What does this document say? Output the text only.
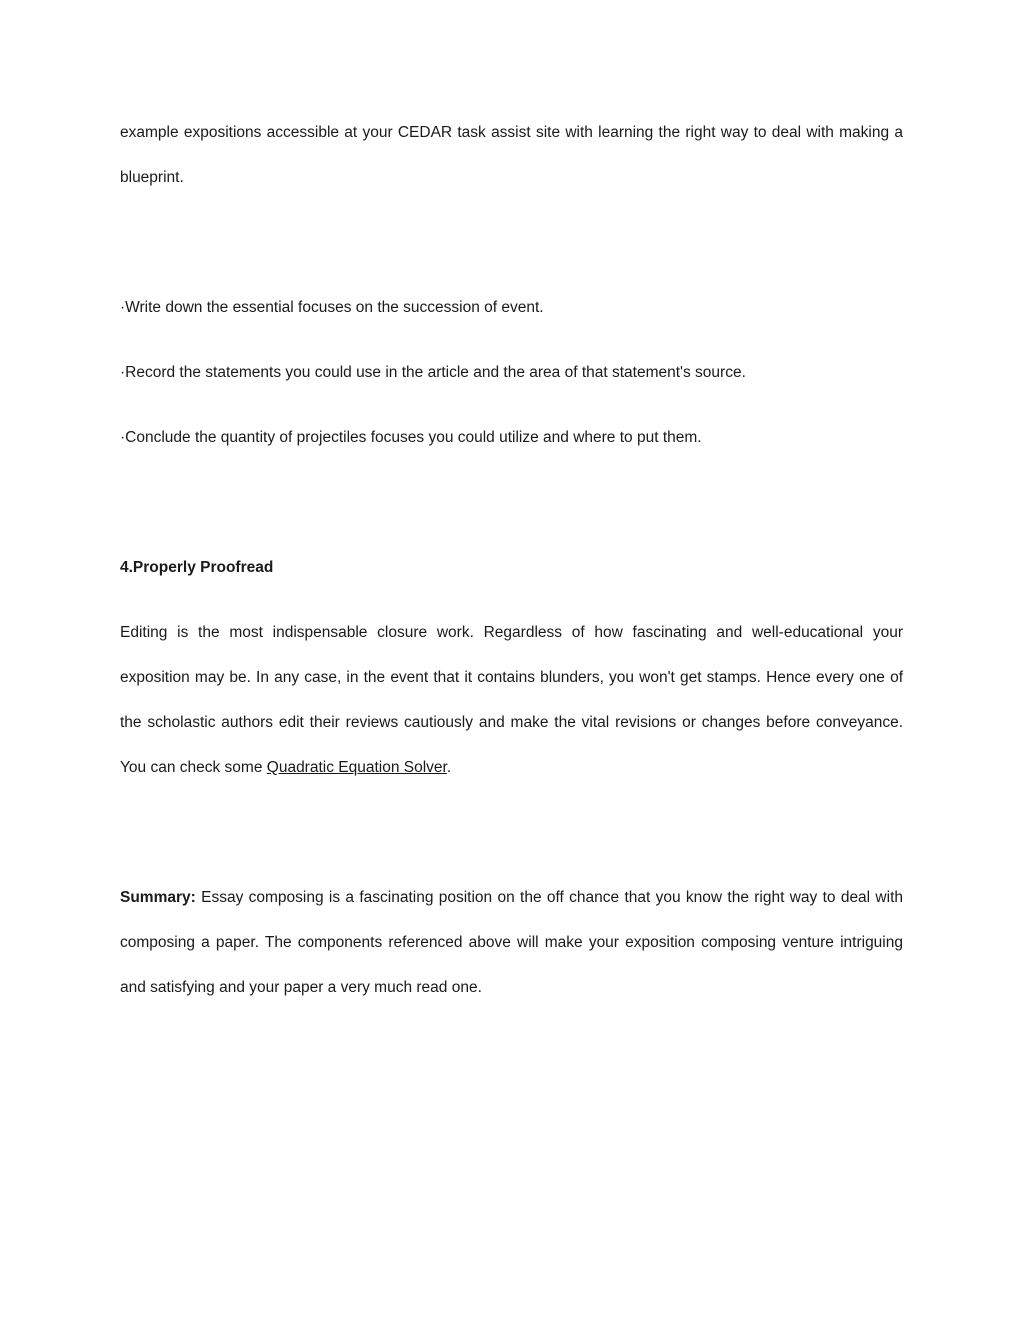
example expositions accessible at your CEDAR task assist site with learning the right way to deal with making a blueprint.

·Write down the essential focuses on the succession of event.

·Record the statements you could use in the article and the area of that statement's source.

·Conclude the quantity of projectiles focuses you could utilize and where to put them.

4.Properly Proofread

Editing is the most indispensable closure work. Regardless of how fascinating and well-educational your exposition may be. In any case, in the event that it contains blunders, you won't get stamps. Hence every one of the scholastic authors edit their reviews cautiously and make the vital revisions or changes before conveyance. You can check some Quadratic Equation Solver.

Summary: Essay composing is a fascinating position on the off chance that you know the right way to deal with composing a paper. The components referenced above will make your exposition composing venture intriguing and satisfying and your paper a very much read one.
